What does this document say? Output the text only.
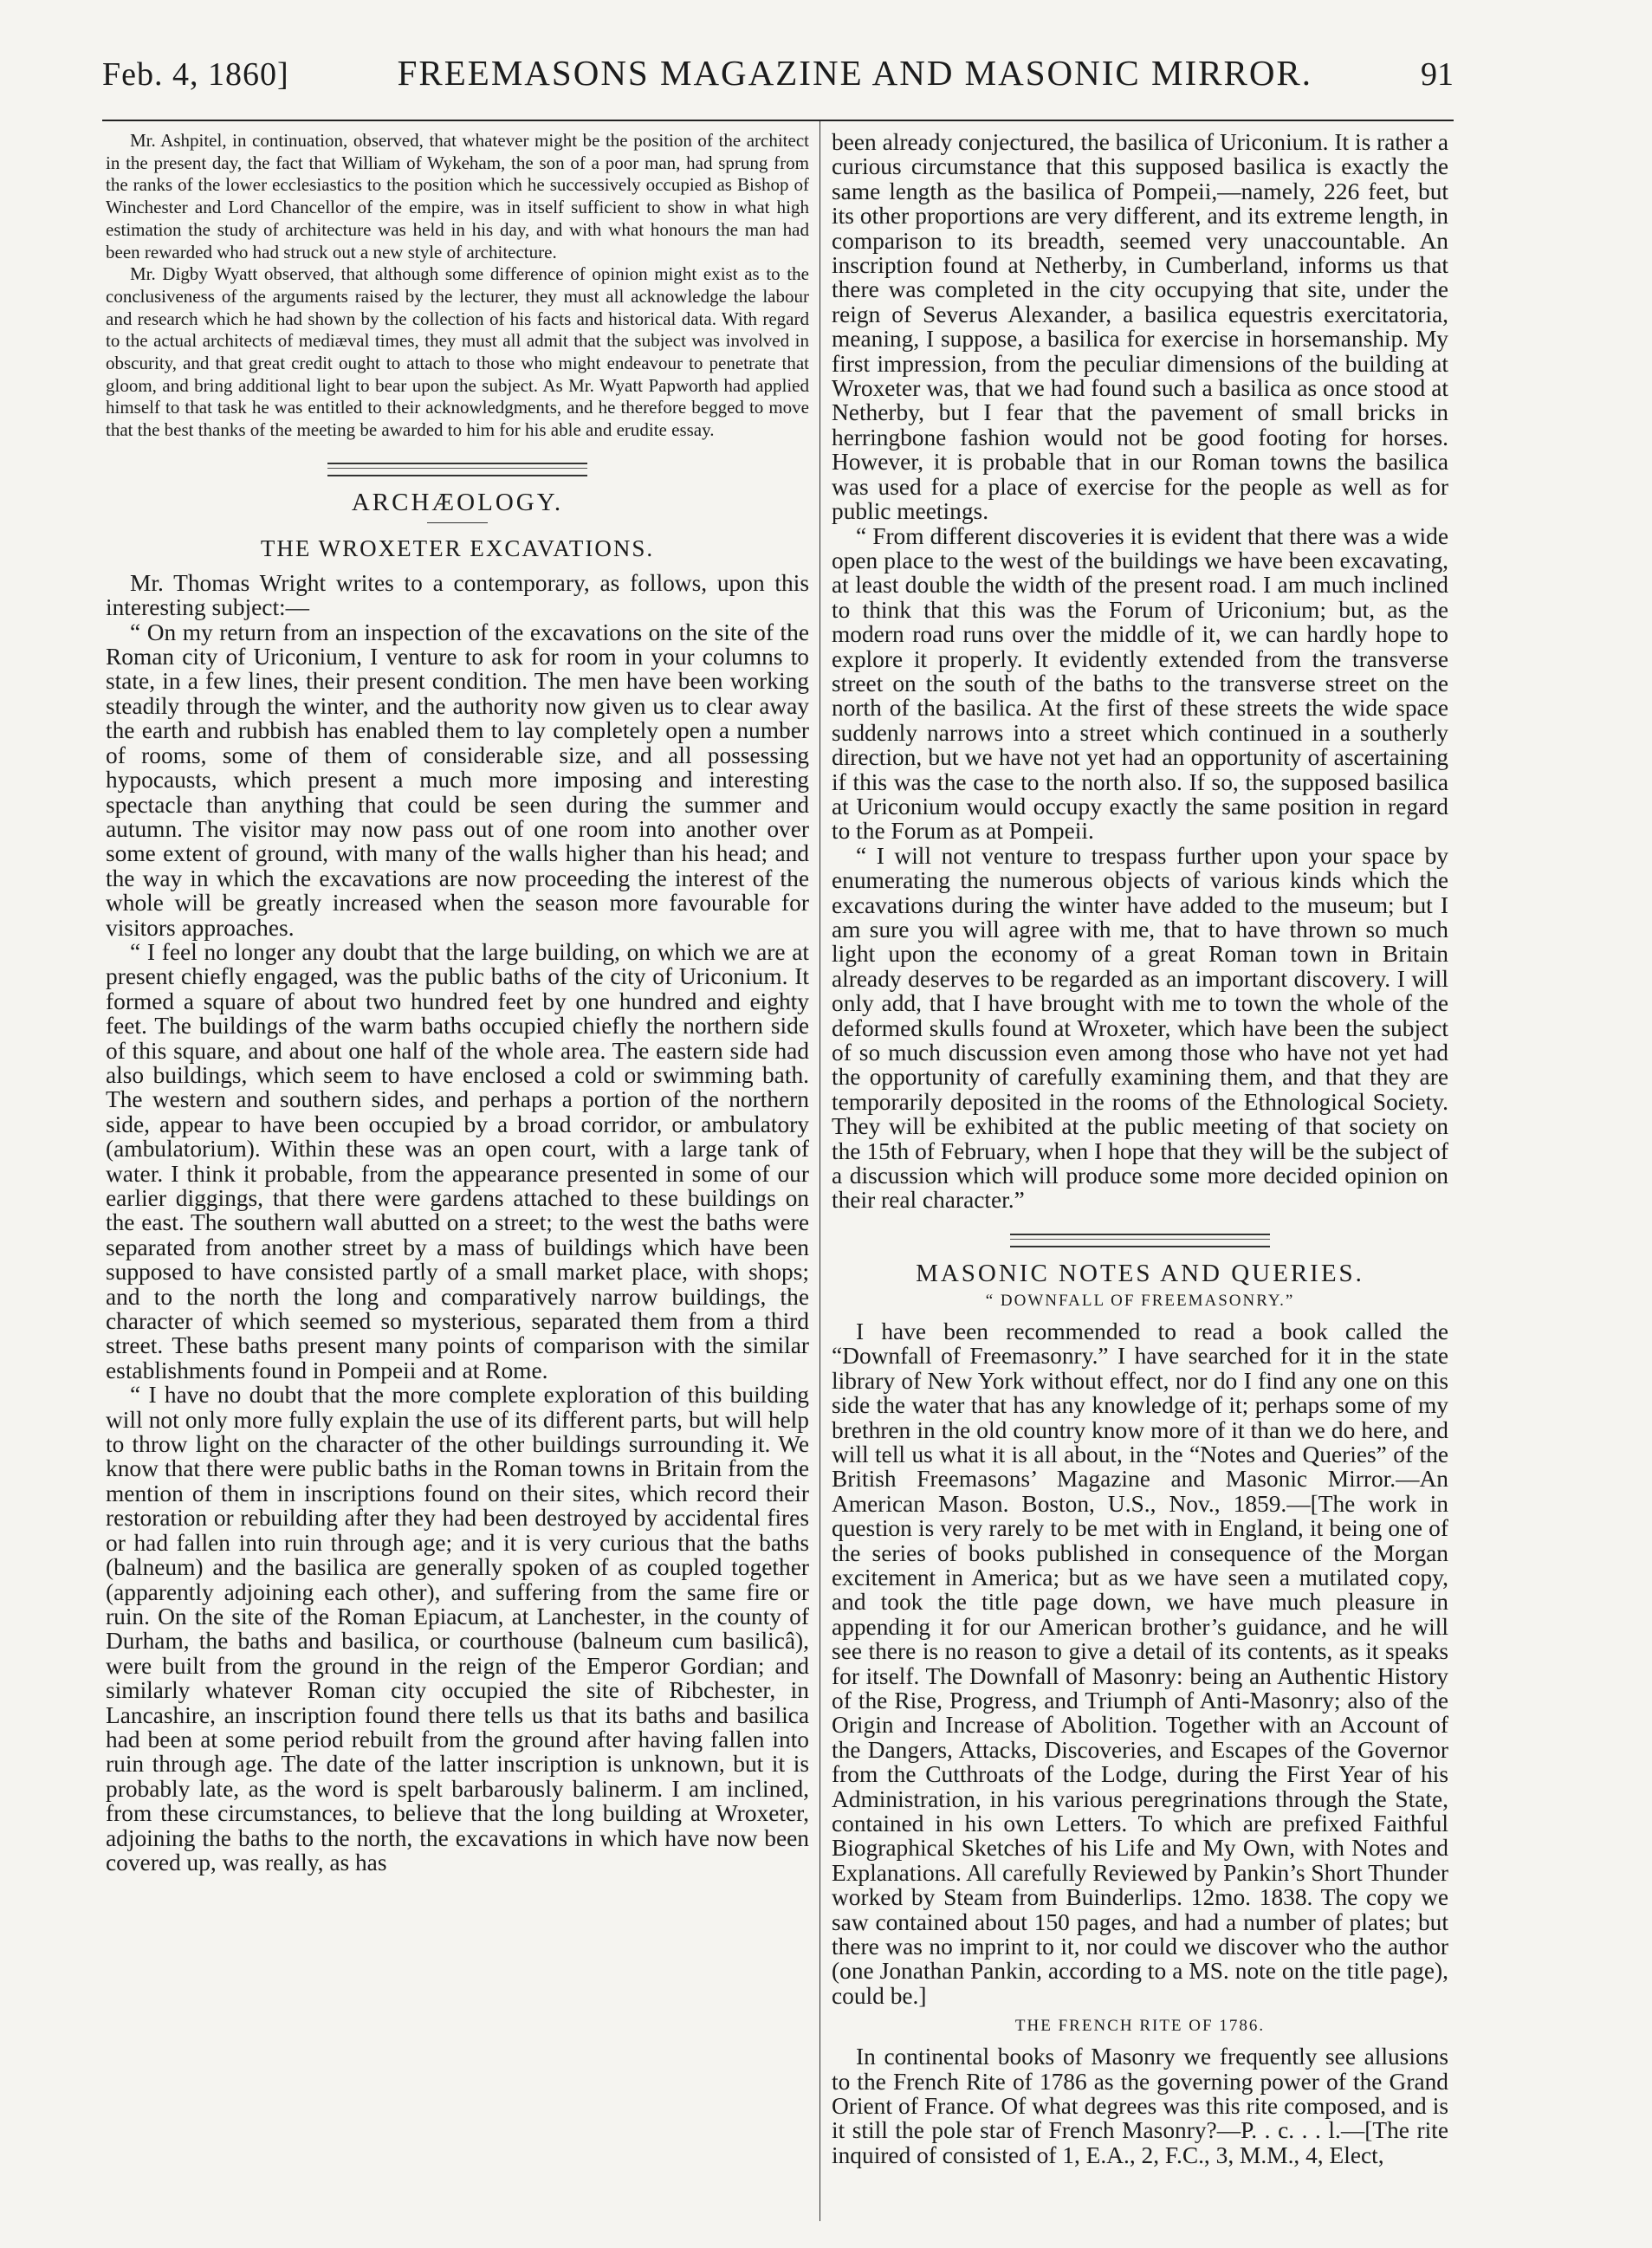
Feb. 4, 1860]	FREEMASONS MAGAZINE AND MASONIC MIRROR.	91

Mr. Ashpitel, in continuation, observed, that whatever might be the position of the architect in the present day, the fact that William of Wykeham, the son of a poor man, had sprung from the ranks of the lower ecclesiastics to the position which he successively occupied as Bishop of Winchester and Lord Chancellor of the empire, was in itself sufficient to show in what high estimation the study of architecture was held in his day, and with what honours the man had been rewarded who had struck out a new style of architecture.

Mr. Digby Wyatt observed, that although some difference of opinion might exist as to the conclusiveness of the arguments raised by the lecturer, they must all acknowledge the labour and research which he had shown by the collection of his facts and historical data. With regard to the actual architects of mediæval times, they must all admit that the subject was involved in obscurity, and that great credit ought to attach to those who might endeavour to penetrate that gloom, and bring additional light to bear upon the subject. As Mr. Wyatt Papworth had applied himself to that task he was entitled to their acknowledgments, and he therefore begged to move that the best thanks of the meeting be awarded to him for his able and erudite essay.

ARCHÆOLOGY.
THE WROXETER EXCAVATIONS.

Mr. Thomas Wright writes to a contemporary, as follows, upon this interesting subject:—

“ On my return from an inspection of the excavations on the site of the Roman city of Uriconium, I venture to ask for room in your columns to state, in a few lines, their present condition. The men have been working steadily through the winter, and the authority now given us to clear away the earth and rubbish has enabled them to lay completely open a number of rooms, some of them of considerable size, and all possessing hypocausts, which present a much more imposing and interesting spectacle than anything that could be seen during the summer and autumn. The visitor may now pass out of one room into another over some extent of ground, with many of the walls higher than his head; and the way in which the excavations are now proceeding the interest of the whole will be greatly increased when the season more favourable for visitors approaches.

“ I feel no longer any doubt that the large building, on which we are at present chiefly engaged, was the public baths of the city of Uriconium. It formed a square of about two hundred feet by one hundred and eighty feet. The buildings of the warm baths occupied chiefly the northern side of this square, and about one half of the whole area. The eastern side had also buildings, which seem to have enclosed a cold or swimming bath. The western and southern sides, and perhaps a portion of the northern side, appear to have been occupied by a broad corridor, or ambulatory (ambulatorium). Within these was an open court, with a large tank of water. I think it probable, from the appearance presented in some of our earlier diggings, that there were gardens attached to these buildings on the east. The southern wall abutted on a street; to the west the baths were separated from another street by a mass of buildings which have been supposed to have consisted partly of a small market place, with shops; and to the north the long and comparatively narrow buildings, the character of which seemed so mysterious, separated them from a third street. These baths present many points of comparison with the similar establishments found in Pompeii and at Rome.

“ I have no doubt that the more complete exploration of this building will not only more fully explain the use of its different parts, but will help to throw light on the character of the other buildings surrounding it. We know that there were public baths in the Roman towns in Britain from the mention of them in inscriptions found on their sites, which record their restoration or rebuilding after they had been destroyed by accidental fires or had fallen into ruin through age; and it is very curious that the baths (balneum) and the basilica are generally spoken of as coupled together (apparently adjoining each other), and suffering from the same fire or ruin. On the site of the Roman Epiacum, at Lanchester, in the county of Durham, the baths and basilica, or courthouse (balneum cum basilicâ), were built from the ground in the reign of the Emperor Gordian; and similarly whatever Roman city occupied the site of Ribchester, in Lancashire, an inscription found there tells us that its baths and basilica had been at some period rebuilt from the ground after having fallen into ruin through age. The date of the latter inscription is unknown, but it is probably late, as the word is spelt barbarously balinerm. I am inclined, from these circumstances, to believe that the long building at Wroxeter, adjoining the baths to the north, the excavations in which have now been covered up, was really, as has

been already conjectured, the basilica of Uriconium. It is rather a curious circumstance that this supposed basilica is exactly the same length as the basilica of Pompeii,—namely, 226 feet, but its other proportions are very different, and its extreme length, in comparison to its breadth, seemed very unaccountable. An inscription found at Netherby, in Cumberland, informs us that there was completed in the city occupying that site, under the reign of Severus Alexander, a basilica equestris exercitatoria, meaning, I suppose, a basilica for exercise in horsemanship. My first impression, from the peculiar dimensions of the building at Wroxeter was, that we had found such a basilica as once stood at Netherby, but I fear that the pavement of small bricks in herringbone fashion would not be good footing for horses. However, it is probable that in our Roman towns the basilica was used for a place of exercise for the people as well as for public meetings.

“ From different discoveries it is evident that there was a wide open place to the west of the buildings we have been excavating, at least double the width of the present road. I am much inclined to think that this was the Forum of Uriconium; but, as the modern road runs over the middle of it, we can hardly hope to explore it properly. It evidently extended from the transverse street on the south of the baths to the transverse street on the north of the basilica. At the first of these streets the wide space suddenly narrows into a street which continued in a southerly direction, but we have not yet had an opportunity of ascertaining if this was the case to the north also. If so, the supposed basilica at Uriconium would occupy exactly the same position in regard to the Forum as at Pompeii.

“ I will not venture to trespass further upon your space by enumerating the numerous objects of various kinds which the excavations during the winter have added to the museum; but I am sure you will agree with me, that to have thrown so much light upon the economy of a great Roman town in Britain already deserves to be regarded as an important discovery. I will only add, that I have brought with me to town the whole of the deformed skulls found at Wroxeter, which have been the subject of so much discussion even among those who have not yet had the opportunity of carefully examining them, and that they are temporarily deposited in the rooms of the Ethnological Society. They will be exhibited at the public meeting of that society on the 15th of February, when I hope that they will be the subject of a discussion which will produce some more decided opinion on their real character.”

MASONIC NOTES AND QUERIES.
“ DOWNFALL OF FREEMASONRY.”

I have been recommended to read a book called the “Downfall of Freemasonry.” I have searched for it in the state library of New York without effect, nor do I find any one on this side the water that has any knowledge of it; perhaps some of my brethren in the old country know more of it than we do here, and will tell us what it is all about, in the “Notes and Queries” of the British Freemasons’ Magazine and Masonic Mirror.—An American Mason. Boston, U.S., Nov., 1859.—[The work in question is very rarely to be met with in England, it being one of the series of books published in consequence of the Morgan excitement in America; but as we have seen a mutilated copy, and took the title page down, we have much pleasure in appending it for our American brother’s guidance, and he will see there is no reason to give a detail of its contents, as it speaks for itself. The Downfall of Masonry: being an Authentic History of the Rise, Progress, and Triumph of Anti-Masonry; also of the Origin and Increase of Abolition. Together with an Account of the Dangers, Attacks, Discoveries, and Escapes of the Governor from the Cutthroats of the Lodge, during the First Year of his Administration, in his various peregrinations through the State, contained in his own Letters. To which are prefixed Faithful Biographical Sketches of his Life and My Own, with Notes and Explanations. All carefully Reviewed by Pankin’s Short Thunder worked by Steam from Buinderlips. 12mo. 1838. The copy we saw contained about 150 pages, and had a number of plates; but there was no imprint to it, nor could we discover who the author (one Jonathan Pankin, according to a MS. note on the title page), could be.]

THE FRENCH RITE OF 1786.

In continental books of Masonry we frequently see allusions to the French Rite of 1786 as the governing power of the Grand Orient of France. Of what degrees was this rite composed, and is it still the pole star of French Masonry?—P. . c. . . l.—[The rite inquired of consisted of 1, E.A., 2, F.C., 3, M.M., 4, Elect,
